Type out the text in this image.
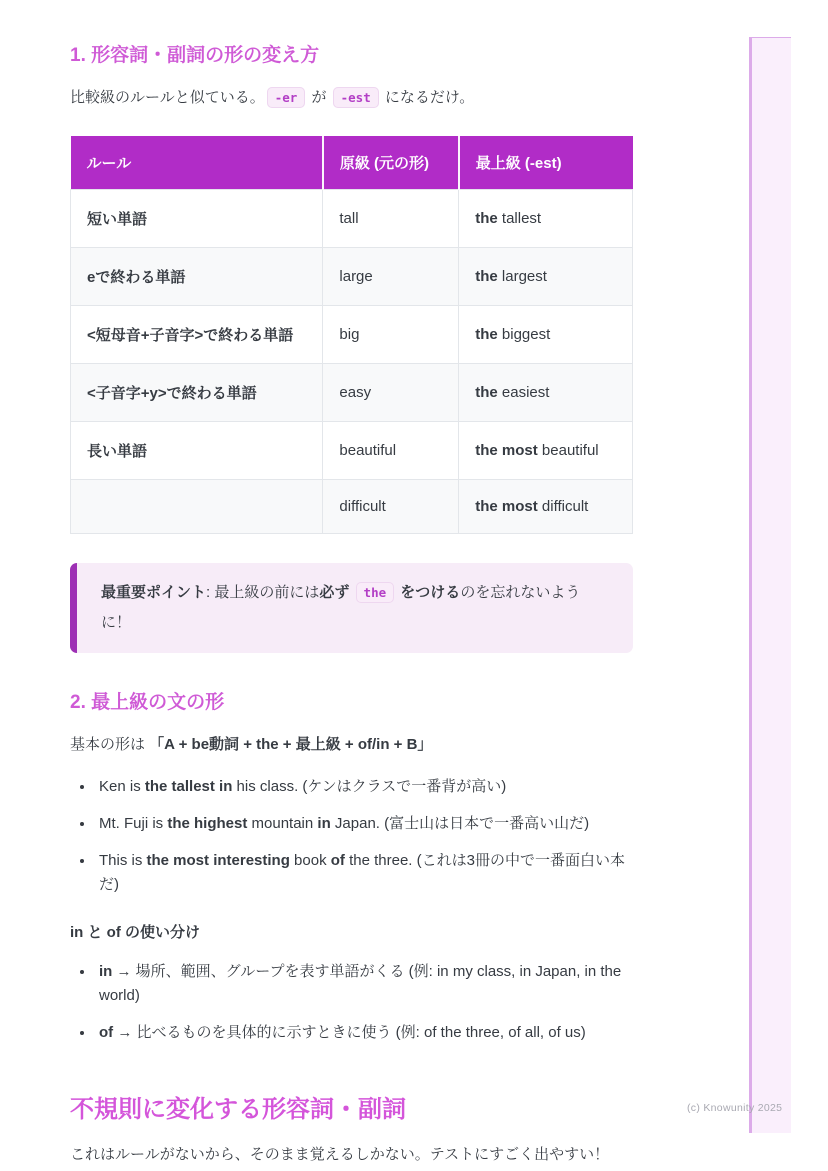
(c) Knowunity 2025
1. 形容詞・副詞の形の変え方

比較級のルールと似ている。 -er が -est になるだけ。

ルール	原級 (元の形)	最上級 (-est)
短い単語	tall	the tallest
eで終わる単語	large	the largest
<短母音+子音字>で終わる単語	big	the biggest
<子音字+y>で終わる単語	easy	the easiest
長い単語	beautiful	the most beautiful
	difficult	the most difficult

最重要ポイント: 最上級の前には必ず the をつけるのを忘れないように！

2. 最上級の文の形

基本の形は 「A + be動詞 + the + 最上級 + of/in + B」

• Ken is the tallest in his class. (ケンはクラスで一番背が高い)
• Mt. Fuji is the highest mountain in Japan. (富士山は日本で一番高い山だ)
• This is the most interesting book of the three. (これは3冊の中で一番面白い本だ)

in と of の使い分け

• in → 場所、範囲、グループを表す単語がくる (例: in my class, in Japan, in the world)
• of → 比べるものを具体的に示すときに使う (例: of the three, of all, of us)
不規則に変化する形容詞・副詞

これはルールがないから、そのまま覚えるしかない。テストにすごく出やすい！
